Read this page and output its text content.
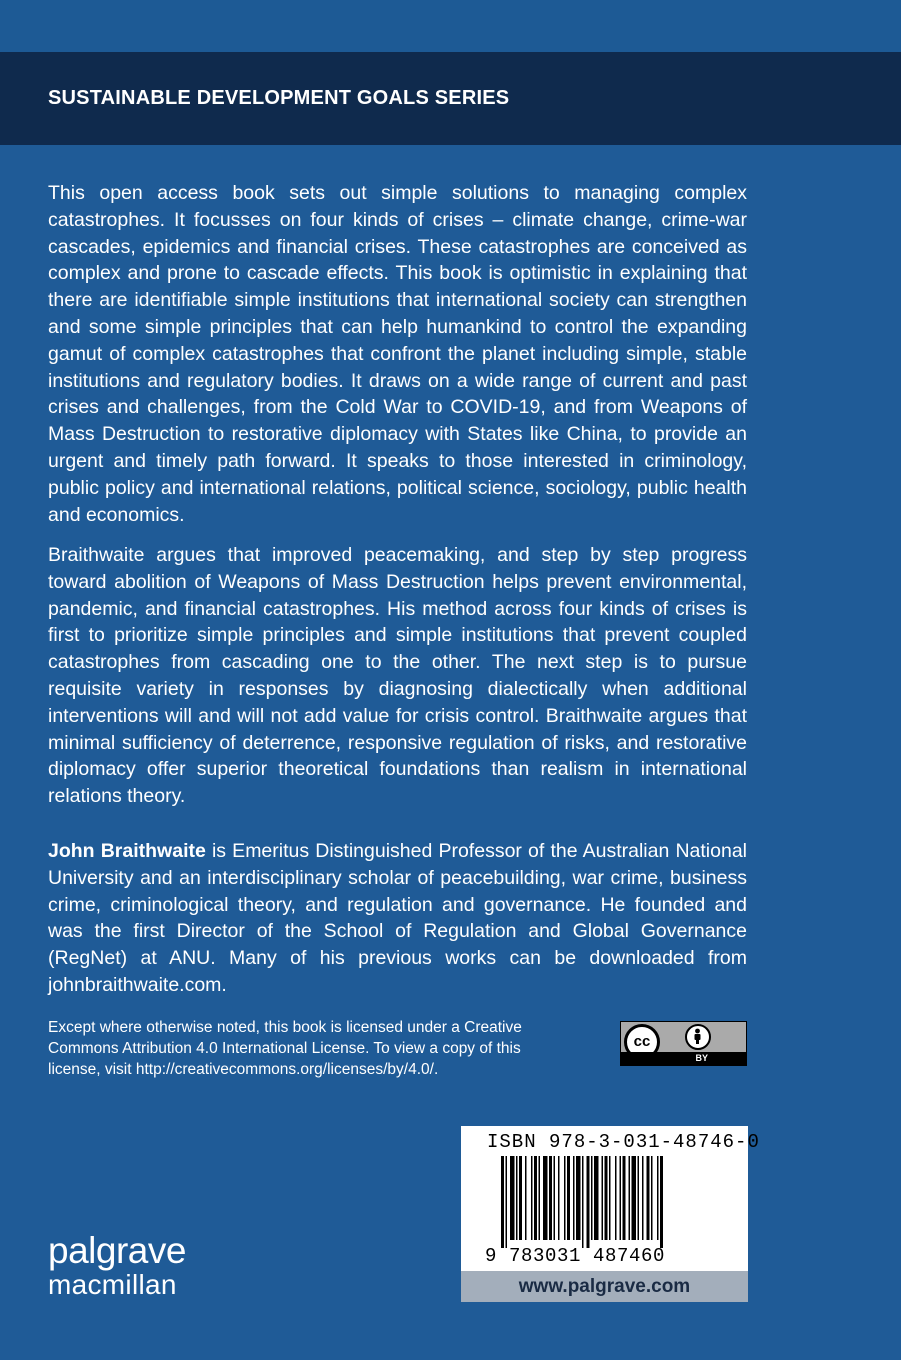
SUSTAINABLE DEVELOPMENT GOALS SERIES

This open access book sets out simple solutions to managing complex catastrophes. It focusses on four kinds of crises – climate change, crime-war cascades, epidemics and financial crises. These catastrophes are conceived as complex and prone to cascade effects. This book is optimistic in explaining that there are identifiable simple institutions that international society can strengthen and some simple principles that can help humankind to control the expanding gamut of complex catastrophes that confront the planet including simple, stable institutions and regulatory bodies. It draws on a wide range of current and past crises and challenges, from the Cold War to COVID-19, and from Weapons of Mass Destruction to restorative diplomacy with States like China, to provide an urgent and timely path forward. It speaks to those interested in criminology, public policy and international relations, political science, sociology, public health and economics.

Braithwaite argues that improved peacemaking, and step by step progress toward abolition of Weapons of Mass Destruction helps prevent environmental, pandemic, and financial catastrophes. His method across four kinds of crises is first to prioritize simple principles and simple institutions that prevent coupled catastrophes from cascading one to the other. The next step is to pursue requisite variety in responses by diagnosing dialectically when additional interventions will and will not add value for crisis control. Braithwaite argues that minimal sufficiency of deterrence, responsive regulation of risks, and restorative diplomacy offer superior theoretical foundations than realism in international relations theory.

John Braithwaite is Emeritus Distinguished Professor of the Australian National University and an interdisciplinary scholar of peacebuilding, war crime, business crime, criminological theory, and regulation and governance. He founded and was the first Director of the School of Regulation and Global Governance (RegNet) at ANU. Many of his previous works can be downloaded from johnbraithwaite.com.

Except where otherwise noted, this book is licensed under a Creative Commons Attribution 4.0 International License. To view a copy of this license, visit http://creativecommons.org/licenses/by/4.0/.

cc
BY
ISBN 978-3-031-48746-0
9 783031 487460
www.palgrave.com
palgrave
macmillan
